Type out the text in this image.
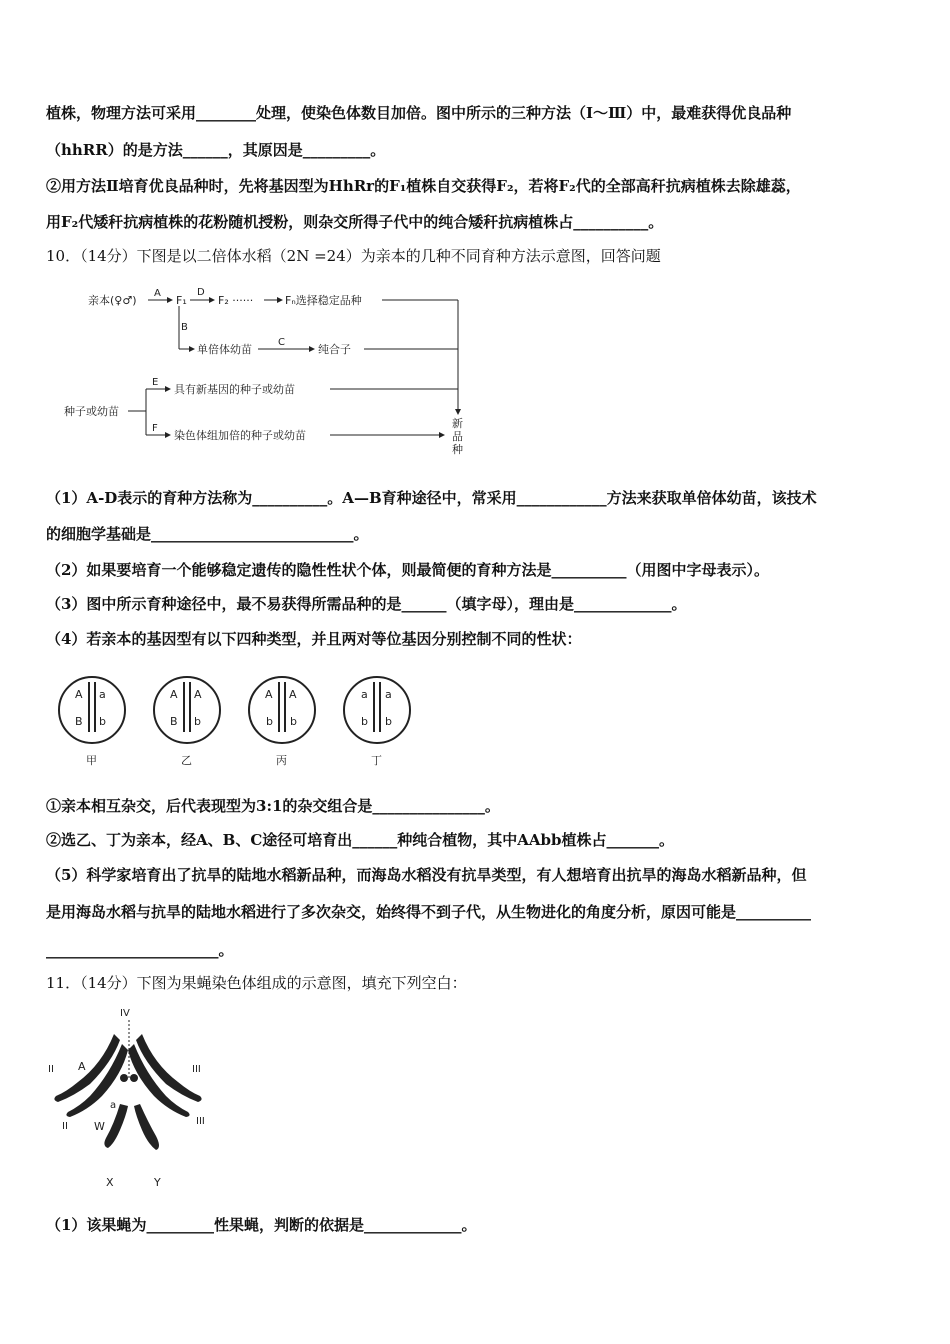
植株，物理方法可采用________处理，使染色体数目加倍。图中所示的三种方法（Ⅰ～Ⅲ）中，最难获得优良品种
（hhRR）的是方法______，其原因是_________。
②用方法Ⅱ培育优良品种时，先将基因型为HhRr的F₁植株自交获得F₂，若将F₂代的全部高秆抗病植株去除雄蕊，
用F₂代矮秆抗病植株的花粉随机授粉，则杂交所得子代中的纯合矮秆抗病植株占__________。
10．（14分）下图是以二倍体水稻（2N =24）为亲本的几种不同育种方法示意图，回答问题
亲本(♀♂)
A
F₁
D
F₂ ······	Fₙ选择稳定品种
B
单倍体幼苗
C
纯合子
种子或幼苗
E
具有新基因的种子或幼苗
F
染色体组加倍的种子或幼苗
新
品
种
（1）A-D表示的育种方法称为__________。A—B育种途径中，常采用____________方法来获取单倍体幼苗，该技术
的细胞学基础是___________________________。
（2）如果要培育一个能够稳定遗传的隐性性状个体，则最简便的育种方法是__________（用图中字母表示）。
（3）图中所示育种途径中，最不易获得所需品种的是______（填字母），理由是_____________。
（4）若亲本的基因型有以下四种类型，并且两对等位基因分别控制不同的性状：
A a
B b
甲
A A
B b
乙
A A
b b
丙
a a
b b
丁
①亲本相互杂交，后代表现型为3:1的杂交组合是_______________。
②选乙、丁为亲本，经A、B、C途径可培育出______种纯合植物，其中AAbb植株占_______。
（5）科学家培育出了抗旱的陆地水稻新品种，而海岛水稻没有抗旱类型，有人想培育出抗旱的海岛水稻新品种，但
是用海岛水稻与抗旱的陆地水稻进行了多次杂交，始终得不到子代，从生物进化的角度分析，原因可能是__________
_______________________。
11．（14分）下图为果蝇染色体组成的示意图，填充下列空白：
IV
II	III
II	III
A
a
W
X	Y
（1）该果蝇为_________性果蝇，判断的依据是_____________。
